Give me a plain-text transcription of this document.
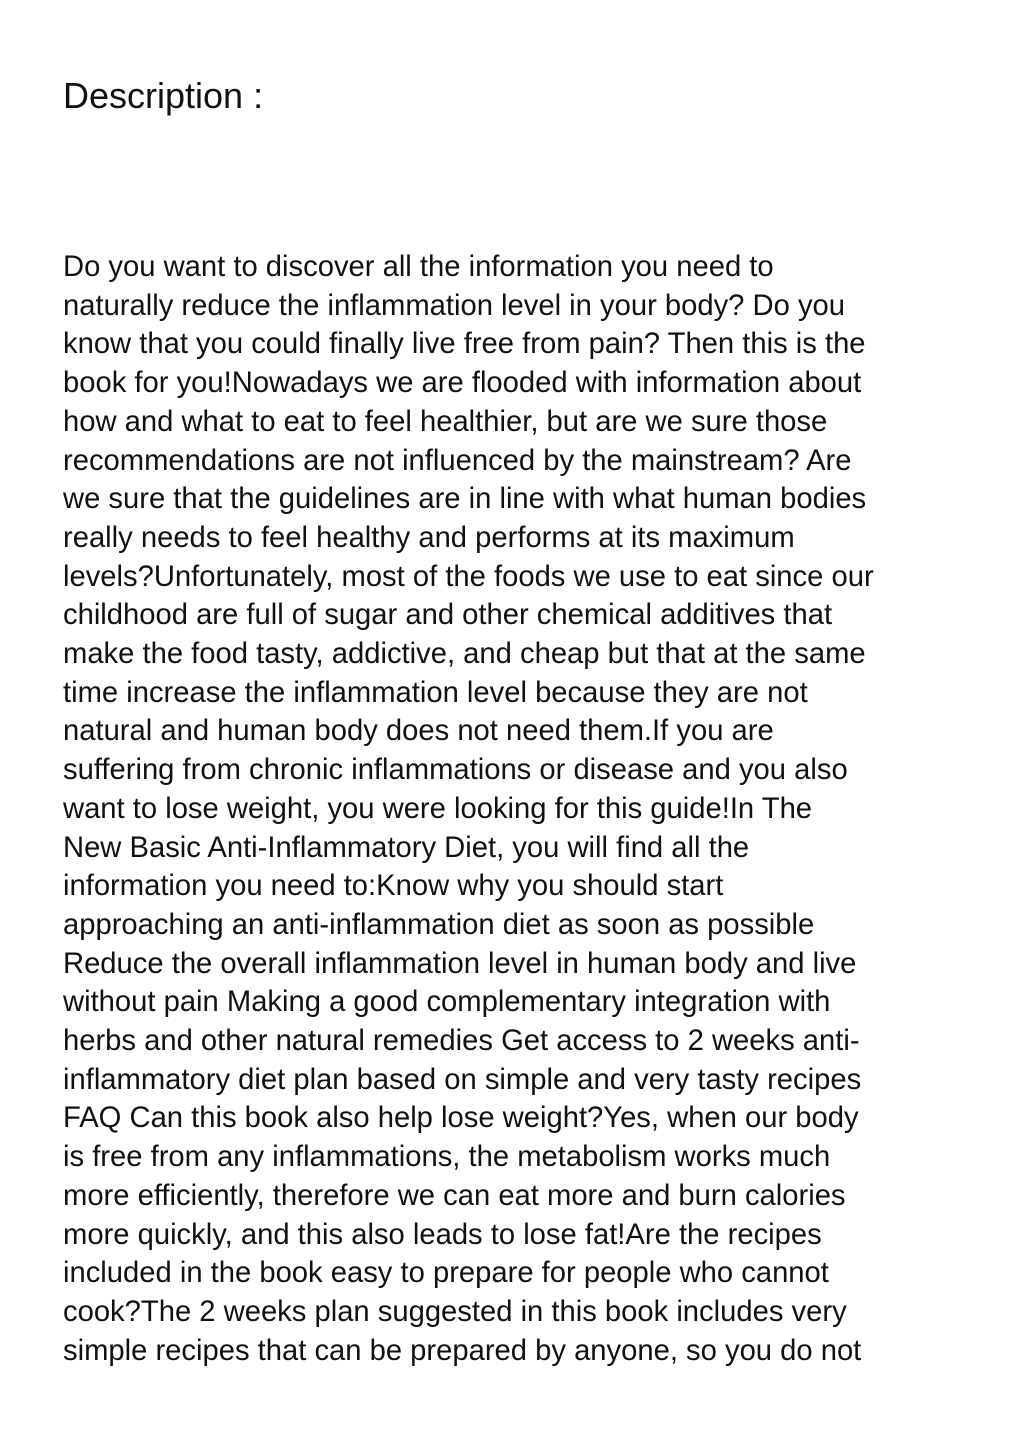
Description :

Do you want to discover all the information you need to
naturally reduce the inflammation level in your body? Do you
know that you could finally live free from pain? Then this is the
book for you!Nowadays we are flooded with information about
how and what to eat to feel healthier, but are we sure those
recommendations are not influenced by the mainstream? Are
we sure that the guidelines are in line with what human bodies
really needs to feel healthy and performs at its maximum
levels?Unfortunately, most of the foods we use to eat since our
childhood are full of sugar and other chemical additives that
make the food tasty, addictive, and cheap but that at the same
time increase the inflammation level because they are not
natural and human body does not need them.If you are
suffering from chronic inflammations or disease and you also
want to lose weight, you were looking for this guide!In The
New Basic Anti-Inflammatory Diet, you will find all the
information you need to:Know why you should start
approaching an anti-inflammation diet as soon as possible
Reduce the overall inflammation level in human body and live
without pain Making a good complementary integration with
herbs and other natural remedies Get access to 2 weeks anti-
inflammatory diet plan based on simple and very tasty recipes
FAQ Can this book also help lose weight?Yes, when our body
is free from any inflammations, the metabolism works much
more efficiently, therefore we can eat more and burn calories
more quickly, and this also leads to lose fat!Are the recipes
included in the book easy to prepare for people who cannot
cook?The 2 weeks plan suggested in this book includes very
simple recipes that can be prepared by anyone, so you do not
